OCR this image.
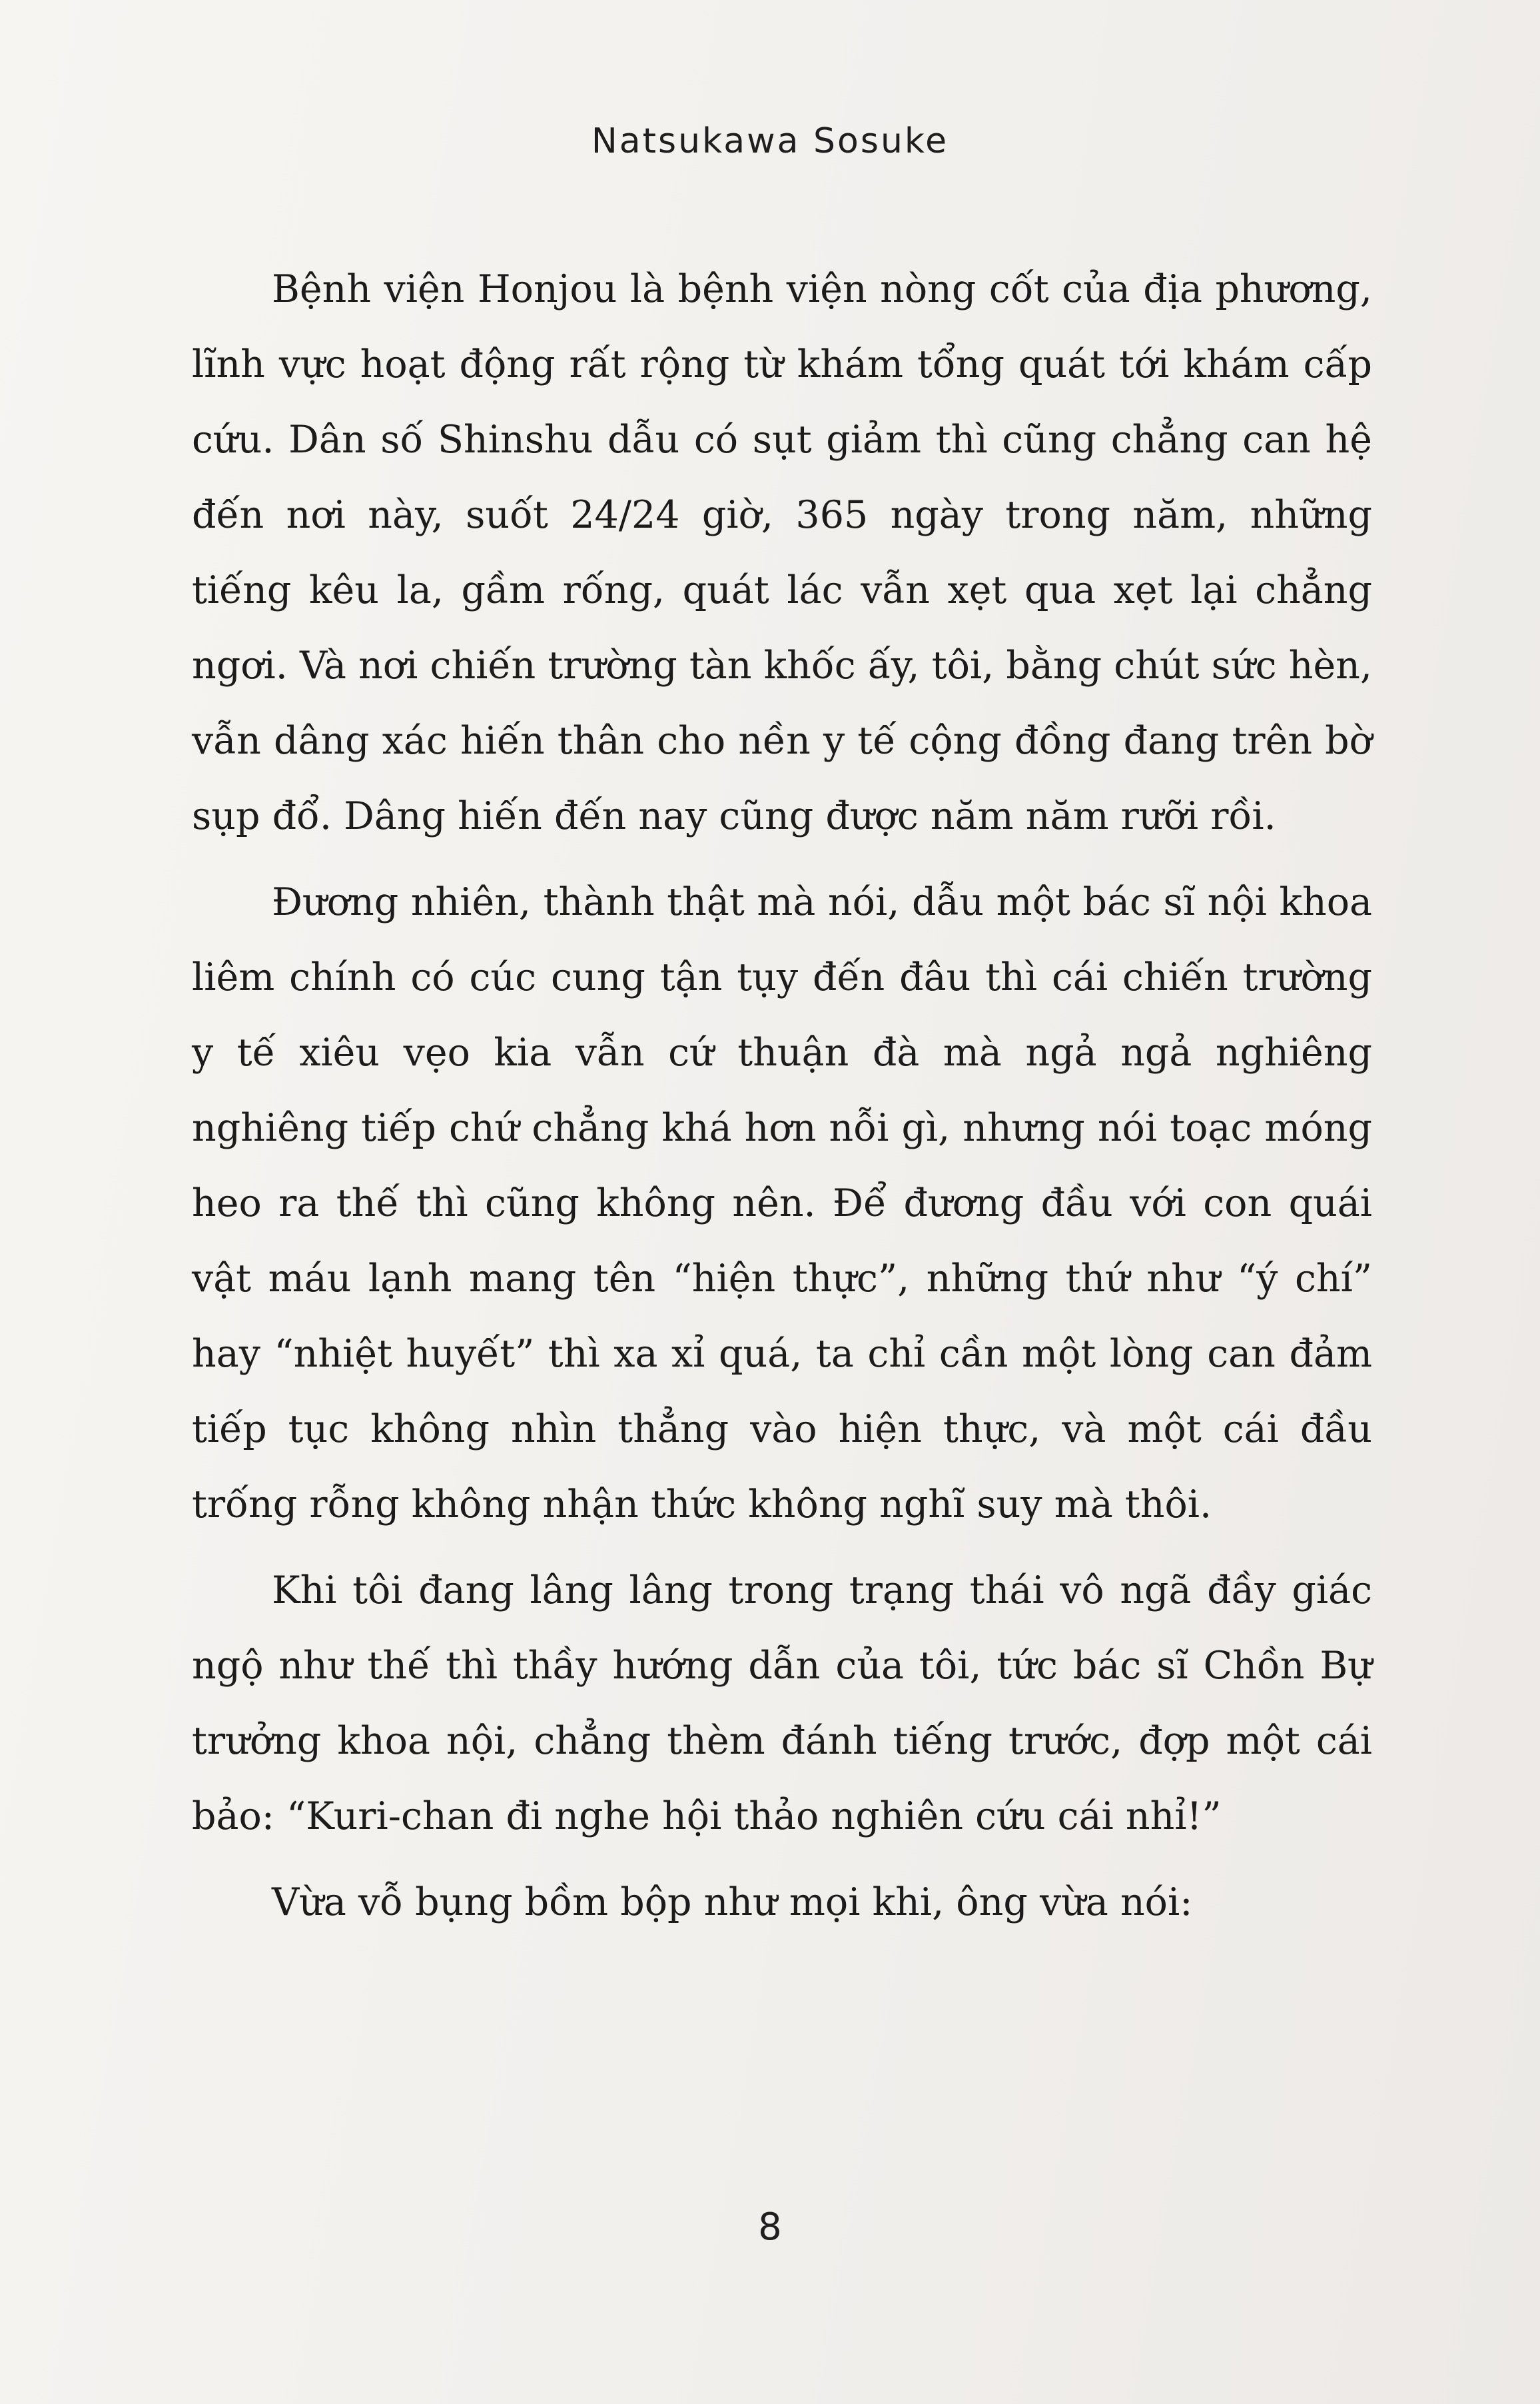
Natsukawa Sosuke

Bệnh viện Honjou là bệnh viện nòng cốt của địa phương, lĩnh vực hoạt động rất rộng từ khám tổng quát tới khám cấp cứu. Dân số Shinshu dẫu có sụt giảm thì cũng chẳng can hệ đến nơi này, suốt 24/24 giờ, 365 ngày trong năm, những tiếng kêu la, gầm rống, quát lác vẫn xẹt qua xẹt lại chẳng ngơi. Và nơi chiến trường tàn khốc ấy, tôi, bằng chút sức hèn, vẫn dâng xác hiến thân cho nền y tế cộng đồng đang trên bờ sụp đổ. Dâng hiến đến nay cũng được năm năm rưỡi rồi.

Đương nhiên, thành thật mà nói, dẫu một bác sĩ nội khoa liêm chính có cúc cung tận tụy đến đâu thì cái chiến trường y tế xiêu vẹo kia vẫn cứ thuận đà mà ngả ngả nghiêng nghiêng tiếp chứ chẳng khá hơn nỗi gì, nhưng nói toạc móng heo ra thế thì cũng không nên. Để đương đầu với con quái vật máu lạnh mang tên “hiện thực”, những thứ như “ý chí” hay “nhiệt huyết” thì xa xỉ quá, ta chỉ cần một lòng can đảm tiếp tục không nhìn thẳng vào hiện thực, và một cái đầu trống rỗng không nhận thức không nghĩ suy mà thôi.

Khi tôi đang lâng lâng trong trạng thái vô ngã đầy giác ngộ như thế thì thầy hướng dẫn của tôi, tức bác sĩ Chồn Bự trưởng khoa nội, chẳng thèm đánh tiếng trước, đợp một cái bảo: “Kuri-chan đi nghe hội thảo nghiên cứu cái nhỉ!”

Vừa vỗ bụng bồm bộp như mọi khi, ông vừa nói:

8
